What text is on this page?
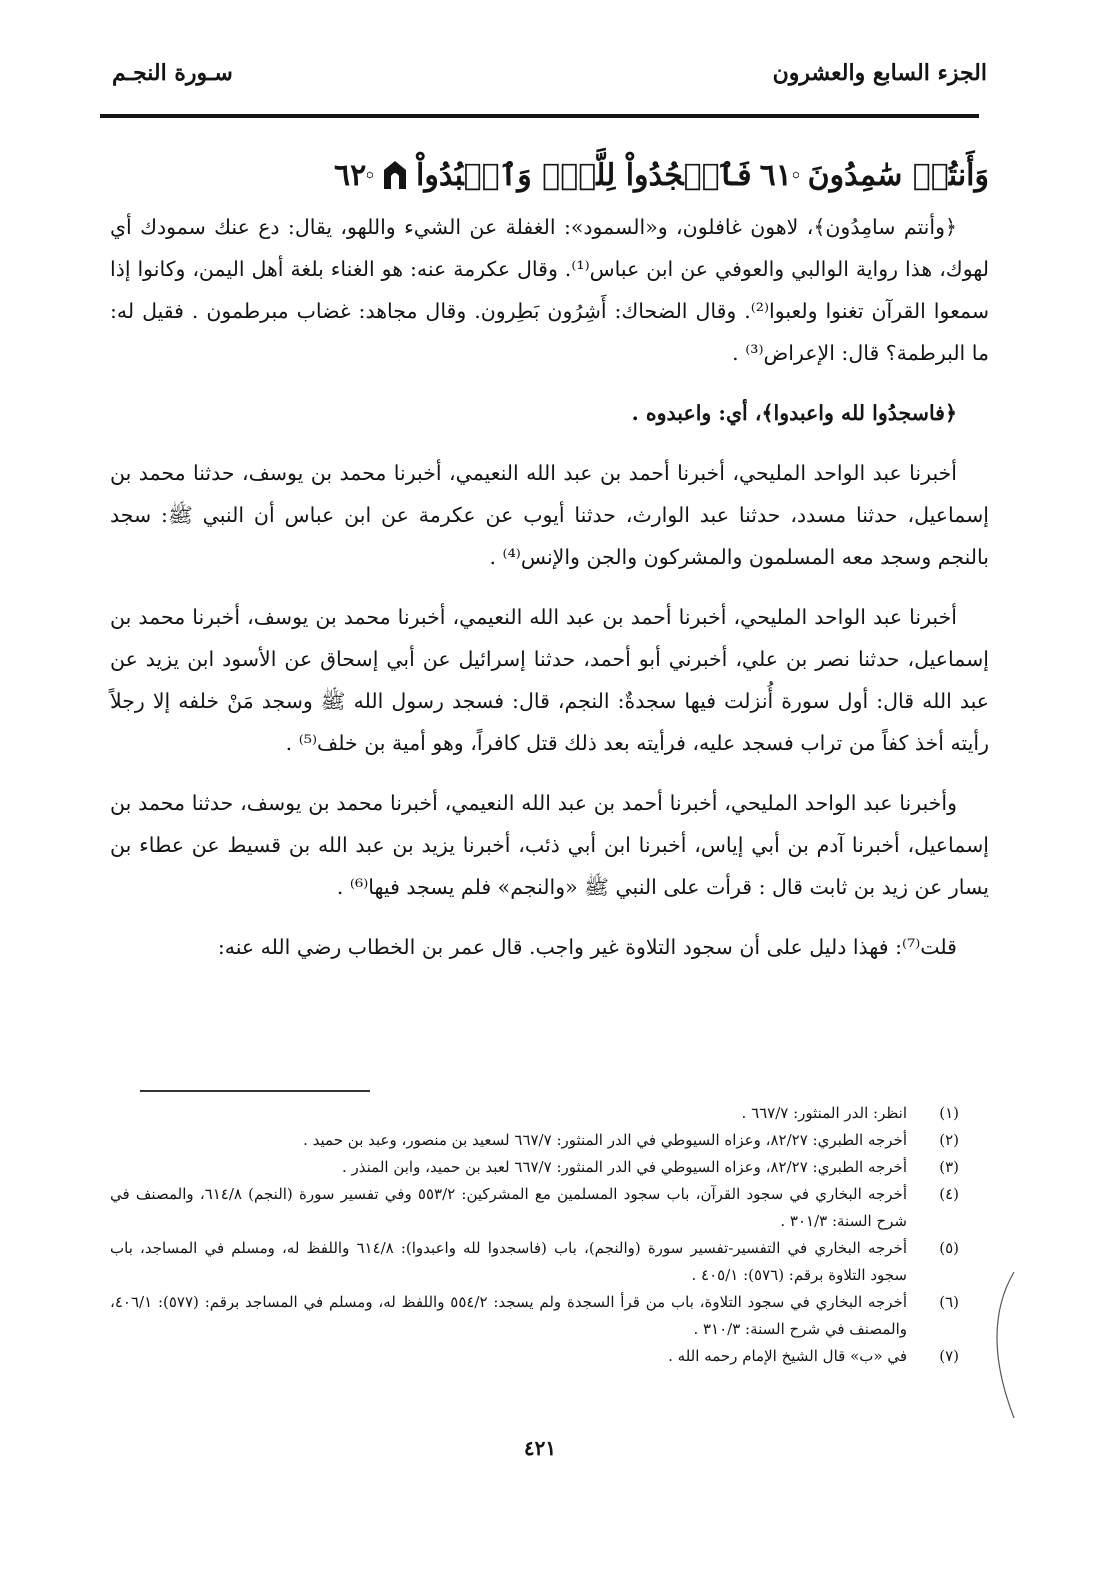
الجزء السابع والعشرون
سـورة النجـم
وَأَنتُمۡ سَٰمِدُونَ
٦١
فَٱسۡجُدُواْ لِلَّهِۤ وَٱعۡبُدُواْ
٦٢

﴿وأنتم سامِدُون﴾، لاهون غافلون، و«السمود»: الغفلة عن الشيء واللهو، يقال: دع عنك سمودك أي لهوك، هذا رواية الوالبي والعوفي عن ابن عباس⁽¹⁾. وقال عكرمة عنه: هو الغناء بلغة أهل اليمن، وكانوا إذا سمعوا القرآن تغنوا ولعبوا⁽²⁾. وقال الضحاك: أَشِرُون بَطِرون. وقال مجاهد: غضاب مبرطمون . فقيل له: ما البرطمة؟ قال: الإعراض⁽³⁾ .

﴿فاسجدُوا لله واعبدوا﴾، أي: واعبدوه .

أخبرنا عبد الواحد المليحي، أخبرنا أحمد بن عبد الله النعيمي، أخبرنا محمد بن يوسف، حدثنا محمد بن إسماعيل، حدثنا مسدد، حدثنا عبد الوارث، حدثنا أيوب عن عكرمة عن ابن عباس أن النبي ﷺ: سجد بالنجم وسجد معه المسلمون والمشركون والجن والإنس⁽⁴⁾ .

أخبرنا عبد الواحد المليحي، أخبرنا أحمد بن عبد الله النعيمي، أخبرنا محمد بن يوسف، أخبرنا محمد بن إسماعيل، حدثنا نصر بن علي، أخبرني أبو أحمد، حدثنا إسرائيل عن أبي إسحاق عن الأسود ابن يزيد عن عبد الله قال: أول سورة أُنزلت فيها سجدةٌ: النجم، قال: فسجد رسول الله ﷺ وسجد مَنْ خلفه إلا رجلاً رأيته أخذ كفاً من تراب فسجد عليه، فرأيته بعد ذلك قتل كافراً، وهو أمية بن خلف⁽⁵⁾ .

وأخبرنا عبد الواحد المليحي، أخبرنا أحمد بن عبد الله النعيمي، أخبرنا محمد بن يوسف، حدثنا محمد بن إسماعيل، أخبرنا آدم بن أبي إياس، أخبرنا ابن أبي ذئب، أخبرنا يزيد بن عبد الله بن قسيط عن عطاء بن يسار عن زيد بن ثابت قال : قرأت على النبي ﷺ «والنجم» فلم يسجد فيها⁽⁶⁾ .

قلت⁽⁷⁾: فهذا دليل على أن سجود التلاوة غير واجب. قال عمر بن الخطاب رضي الله عنه:

(١)
انظر: الدر المنثور: ٦٦٧/٧ .
(٢)
أخرجه الطبري: ٨٢/٢٧، وعزاه السيوطي في الدر المنثور: ٦٦٧/٧ لسعيد بن منصور، وعبد بن حميد .
(٣)
أخرجه الطبري: ٨٢/٢٧، وعزاه السيوطي في الدر المنثور: ٦٦٧/٧ لعبد بن حميد، وابن المنذر .
(٤)
أخرجه البخاري في سجود القرآن، باب سجود المسلمين مع المشركين: ٥٥٣/٢ وفي تفسير سورة (النجم) ٦١٤/٨، والمصنف في شرح السنة: ٣٠١/٣ .
(٥)
أخرجه البخاري في التفسير-تفسير سورة (والنجم)، باب (فاسجدوا لله واعبدوا): ٦١٤/٨ واللفظ له، ومسلم في المساجد، باب سجود التلاوة برقم: (٥٧٦): ٤٠٥/١ .
(٦)
أخرجه البخاري في سجود التلاوة، باب من قرأ السجدة ولم يسجد: ٥٥٤/٢ واللفظ له، ومسلم في المساجد برقم: (٥٧٧): ٤٠٦/١، والمصنف في شرح السنة: ٣١٠/٣ .
(٧)
في «ب» قال الشيخ الإمام رحمه الله .
٤٢١
